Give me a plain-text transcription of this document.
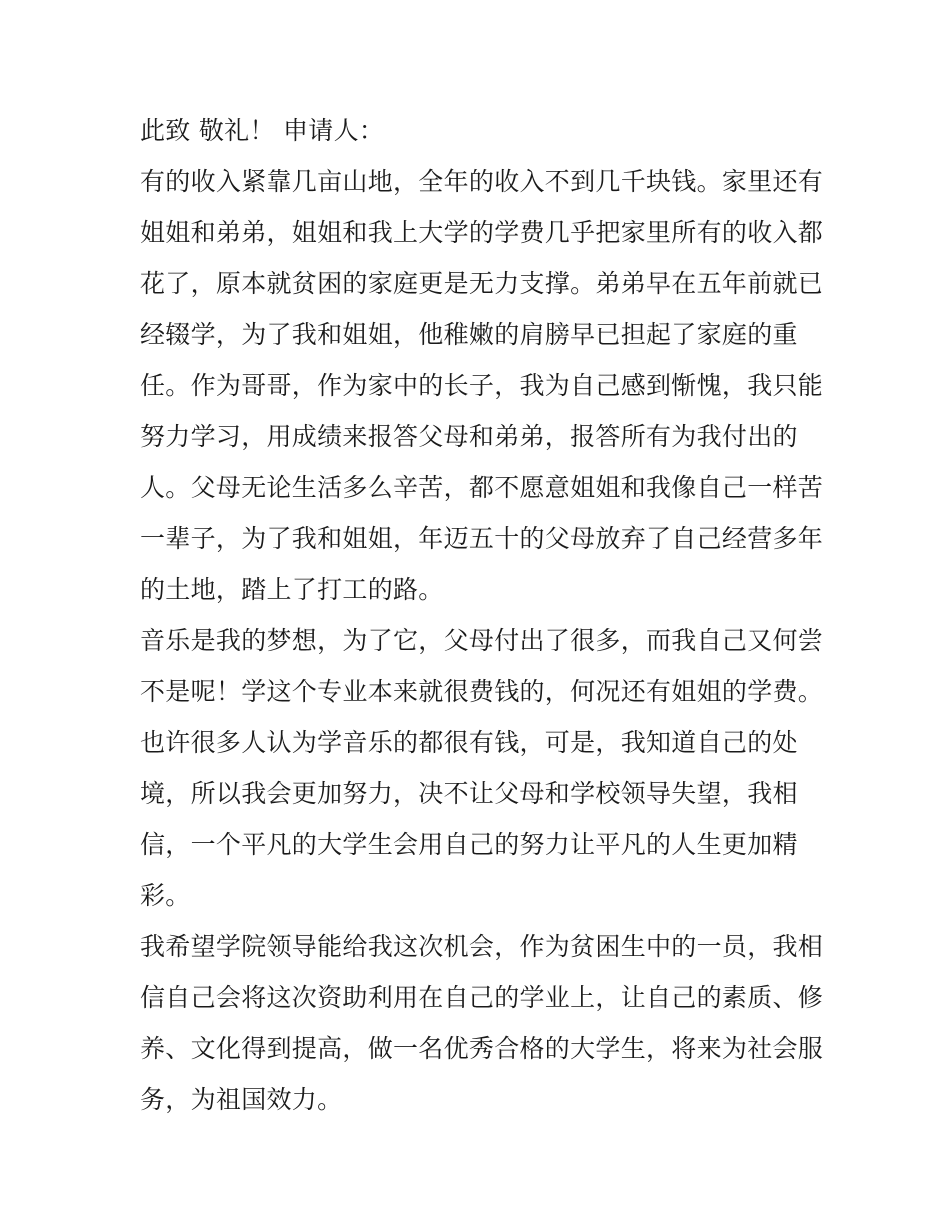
此致 敬礼！ 申请人：
有的收入紧靠几亩山地，全年的收入不到几千块钱。家里还有
姐姐和弟弟，姐姐和我上大学的学费几乎把家里所有的收入都
花了，原本就贫困的家庭更是无力支撑。弟弟早在五年前就已
经辍学，为了我和姐姐，他稚嫩的肩膀早已担起了家庭的重
任。作为哥哥，作为家中的长子，我为自己感到惭愧，我只能
努力学习，用成绩来报答父母和弟弟，报答所有为我付出的
人。父母无论生活多么辛苦，都不愿意姐姐和我像自己一样苦
一辈子，为了我和姐姐，年迈五十的父母放弃了自己经营多年
的土地，踏上了打工的路。
音乐是我的梦想，为了它，父母付出了很多，而我自己又何尝
不是呢！学这个专业本来就很费钱的，何况还有姐姐的学费。
也许很多人认为学音乐的都很有钱，可是，我知道自己的处
境，所以我会更加努力，决不让父母和学校领导失望，我相
信，一个平凡的大学生会用自己的努力让平凡的人生更加精
彩。
我希望学院领导能给我这次机会，作为贫困生中的一员，我相
信自己会将这次资助利用在自己的学业上，让自己的素质、修
养、文化得到提高，做一名优秀合格的大学生，将来为社会服
务，为祖国效力。
